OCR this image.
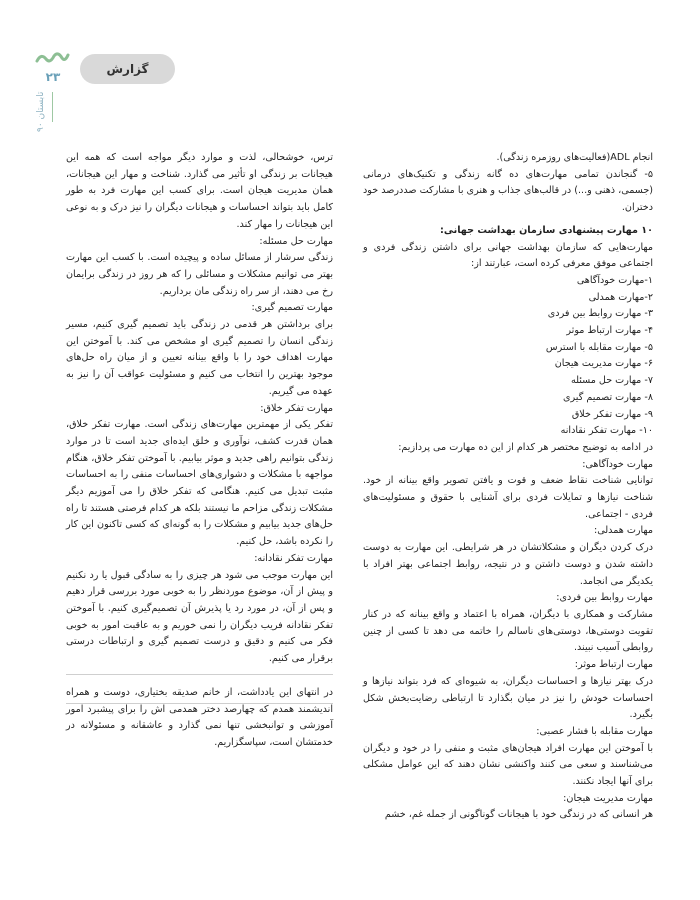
گزارش
۲۳
تابستان ۹۰

انجام ADL(فعالیت‌های روزمره زندگی).

۵- گنجاندن تمامی مهارت‌های ده گانه زندگی و تکنیک‌های درمانی (جسمی، ذهنی و...) در قالب‌های جذاب و هنری با مشارکت صددرصد خود دختران.

۱۰ مهارت پیشنهادی سازمان بهداشت جهانی:

مهارت‌هایی که سازمان بهداشت جهانی برای داشتن زندگی فردی و اجتماعی موفق معرفی کرده است، عبارتند از:

۱-مهارت خودآگاهی

۲-مهارت همدلی

۳- مهارت روابط بین فردی

۴- مهارت ارتباط موثر

۵- مهارت مقابله با استرس

۶- مهارت مدیریت هیجان

۷- مهارت حل مسئله

۸- مهارت تصمیم گیری

۹- مهارت تفکر خلاق

۱۰- مهارت تفکر نقادانه

در ادامه به توضیح مختصر هر کدام از این ده مهارت می پردازیم:

مهارت خودآگاهی:

توانایی شناخت نقاط ضعف و قوت و یافتن تصویر واقع بینانه از خود. شناخت نیازها و تمایلات فردی برای آشنایی با حقوق و مسئولیت‌های فردی - اجتماعی.

مهارت همدلی:

درک کردن دیگران و مشکلاتشان در هر شرایطی. این مهارت به دوست داشته شدن و دوست داشتن و در نتیجه، روابط اجتماعی بهتر افراد با یکدیگر می انجامد.

مهارت روابط بین فردی:

مشارکت و همکاری با دیگران، همراه با اعتماد و واقع بینانه که در کنار تقویت دوستی‌ها، دوستی‌های ناسالم را خاتمه می دهد تا کسی از چنین روابطی آسیب نبیند.

مهارت ارتباط موثر:

درک بهتر نیازها و احساسات دیگران، به شیوه‌ای که فرد بتواند نیازها و احساسات خودش را نیز در میان بگذارد تا ارتباطی رضایت‌بخش شکل بگیرد.

مهارت مقابله با فشار عصبی:

با آموختن این مهارت افراد هیجان‌های مثبت و منفی را در خود و دیگران می‌شناسند و سعی می کنند واکنشی نشان دهند که این عوامل مشکلی برای آنها ایجاد نکنند.

مهارت مدیریت هیجان:

هر انسانی که در زندگی خود با هیجانات گوناگونی از جمله غم، خشم

ترس، خوشحالی، لذت و موارد دیگر مواجه است که همه این هیجانات بر زندگی او تأثیر می گذارد. شناخت و مهار این هیجانات، همان مدیریت هیجان است. برای کسب این مهارت فرد به طور کامل باید بتواند احساسات و هیجانات دیگران را نیز درک و به نوعی این هیجانات را مهار کند.

مهارت حل مسئله:

زندگی سرشار از مسائل ساده و پیچیده است. با کسب این مهارت بهتر می توانیم مشکلات و مسائلی را که هر روز در زندگی برایمان رخ می دهند، از سر راه زندگی مان برداریم.

مهارت تصمیم گیری:

برای برداشتن هر قدمی در زندگی باید تصمیم گیری کنیم، مسیر زندگی انسان را تصمیم گیری او مشخص می کند. با آموختن این مهارت اهداف خود را با واقع بینانه تعیین و از میان راه حل‌های موجود بهترین را انتخاب می کنیم و مسئولیت عواقب آن را نیز به عهده می گیریم.

مهارت تفکر خلاق:

تفکر یکی از مهمترین مهارت‌های زندگی است. مهارت تفکر خلاق، همان قدرت کشف، نوآوری و خلق ایده‌ای جدید است تا در موارد زندگی بتوانیم راهی جدید و موثر بیابیم. با آموختن تفکر خلاق، هنگام مواجهه با مشکلات و دشواری‌های احساسات منفی را به احساسات مثبت تبدیل می کنیم. هنگامی که تفکر خلاق را می آموزیم دیگر مشکلات زندگی مزاحم ما نیستند بلکه هر کدام فرصتی هستند تا راه حل‌های جدید بیابیم و مشکلات را به گونه‌ای که کسی تاکنون این کار را نکرده باشد، حل کنیم.

مهارت تفکر نقادانه:

این مهارت موجب می شود هر چیزی را به سادگی قبول یا رد نکنیم و پیش از آن، موضوع موردنظر را به خوبی مورد بررسی قرار دهیم و پس از آن، در مورد رد یا پذیرش آن تصمیم‌گیری کنیم. با آموختن تفکر نقادانه فریب دیگران را نمی خوریم و به عاقبت امور به خوبی فکر می کنیم و دقیق و درست تصمیم گیری و ارتباطات درستی برقرار می کنیم.

در انتهای این یادداشت، از خانم صدیقه بختیاری، دوست و همراه اندیشمند همدم که چهارصد دختر همدمی اش را برای پیشبرد امور آموزشی و توانبخشی تنها نمی گذارد و عاشقانه و مسئولانه در خدمتشان است، سپاسگزاریم.
